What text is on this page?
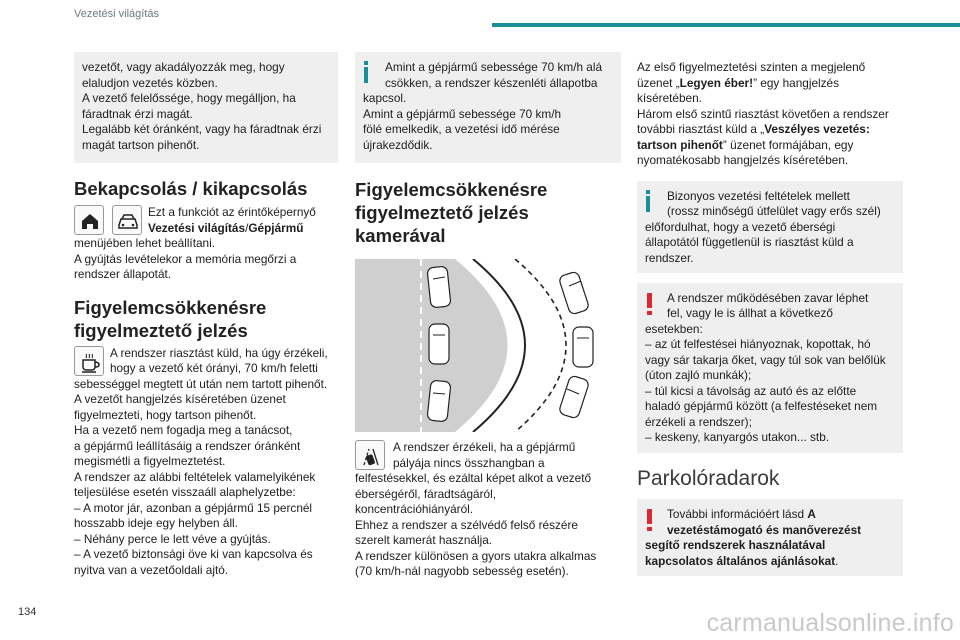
Vezetési világítás
vezetőt, vagy akadályozzák meg, hogy
elaludjon vezetés közben.
A vezető felelőssége, hogy megálljon, ha
fáradtnak érzi magát.
Legalább két óránként, vagy ha fáradtnak érzi
magát tartson pihenőt.
Bekapcsolás / kikapcsolás

Ezt a funkciót az érintőképernyő
Vezetési világítás/Gépjármű
menüjében lehet beállítani.
A gyújtás levételekor a memória megőrzi a
rendszer állapotát.
Figyelemcsökkenésre
figyelmeztető jelzés
A rendszer riasztást küld, ha úgy érzékeli,
hogy a vezető két órányi, 70 km/h feletti
sebességgel megtett út után nem tartott pihenőt.
A vezetőt hangjelzés kíséretében üzenet
figyelmezteti, hogy tartson pihenőt.
Ha a vezető nem fogadja meg a tanácsot,
a gépjármű leállításáig a rendszer óránként
megismétli a figyelmeztetést.
A rendszer az alábbi feltételek valamelyikének
teljesülése esetén visszaáll alaphelyzetbe:
– A motor jár, azonban a gépjármű 15 percnél
hosszabb ideje egy helyben áll.
– Néhány perce le lett véve a gyújtás.
– A vezető biztonsági öve ki van kapcsolva és
nyitva van a vezetőoldali ajtó.
Amint a gépjármű sebessége 70 km/h alá
csökken, a rendszer készenléti állapotba
kapcsol.
Amint a gépjármű sebessége 70 km/h
fölé emelkedik, a vezetési idő mérése
újrakezdődik.
Figyelemcsökkenésre
figyelmeztető jelzés
kamerával
A rendszer érzékeli, ha a gépjármű
pályája nincs összhangban a
felfestésekkel, és ezáltal képet alkot a vezető
éberségéről, fáradtságáról,
koncentrációhiányáról.
Ehhez a rendszer a szélvédő felső részére
szerelt kamerát használja.
A rendszer különösen a gyors utakra alkalmas
(70 km/h-nál nagyobb sebesség esetén).
Az első figyelmeztetési szinten a megjelenő
üzenet „Legyen éber!” egy hangjelzés
kíséretében.
Három első szintű riasztást követően a rendszer
további riasztást küld a „Veszélyes vezetés:
tartson pihenőt” üzenet formájában, egy
nyomatékosabb hangjelzés kíséretében.
Bizonyos vezetési feltételek mellett
(rossz minőségű útfelület vagy erős szél)
előfordulhat, hogy a vezető éberségi
állapotától függetlenül is riasztást küld a
rendszer.
A rendszer működésében zavar léphet
fel, vagy le is állhat a következő
esetekben:
– az út felfestései hiányoznak, kopottak, hó
vagy sár takarja őket, vagy túl sok van belőlük
(úton zajló munkák);
– túl kicsi a távolság az autó és az előtte
haladó gépjármű között (a felfestéseket nem
érzékeli a rendszer);
– keskeny, kanyargós utakon... stb.
Parkolóradarok
További információért lásd A
vezetéstámogató és manőverezést
segítő rendszerek használatával
kapcsolatos általános ajánlásokat.
134	carmanualsonline.info
